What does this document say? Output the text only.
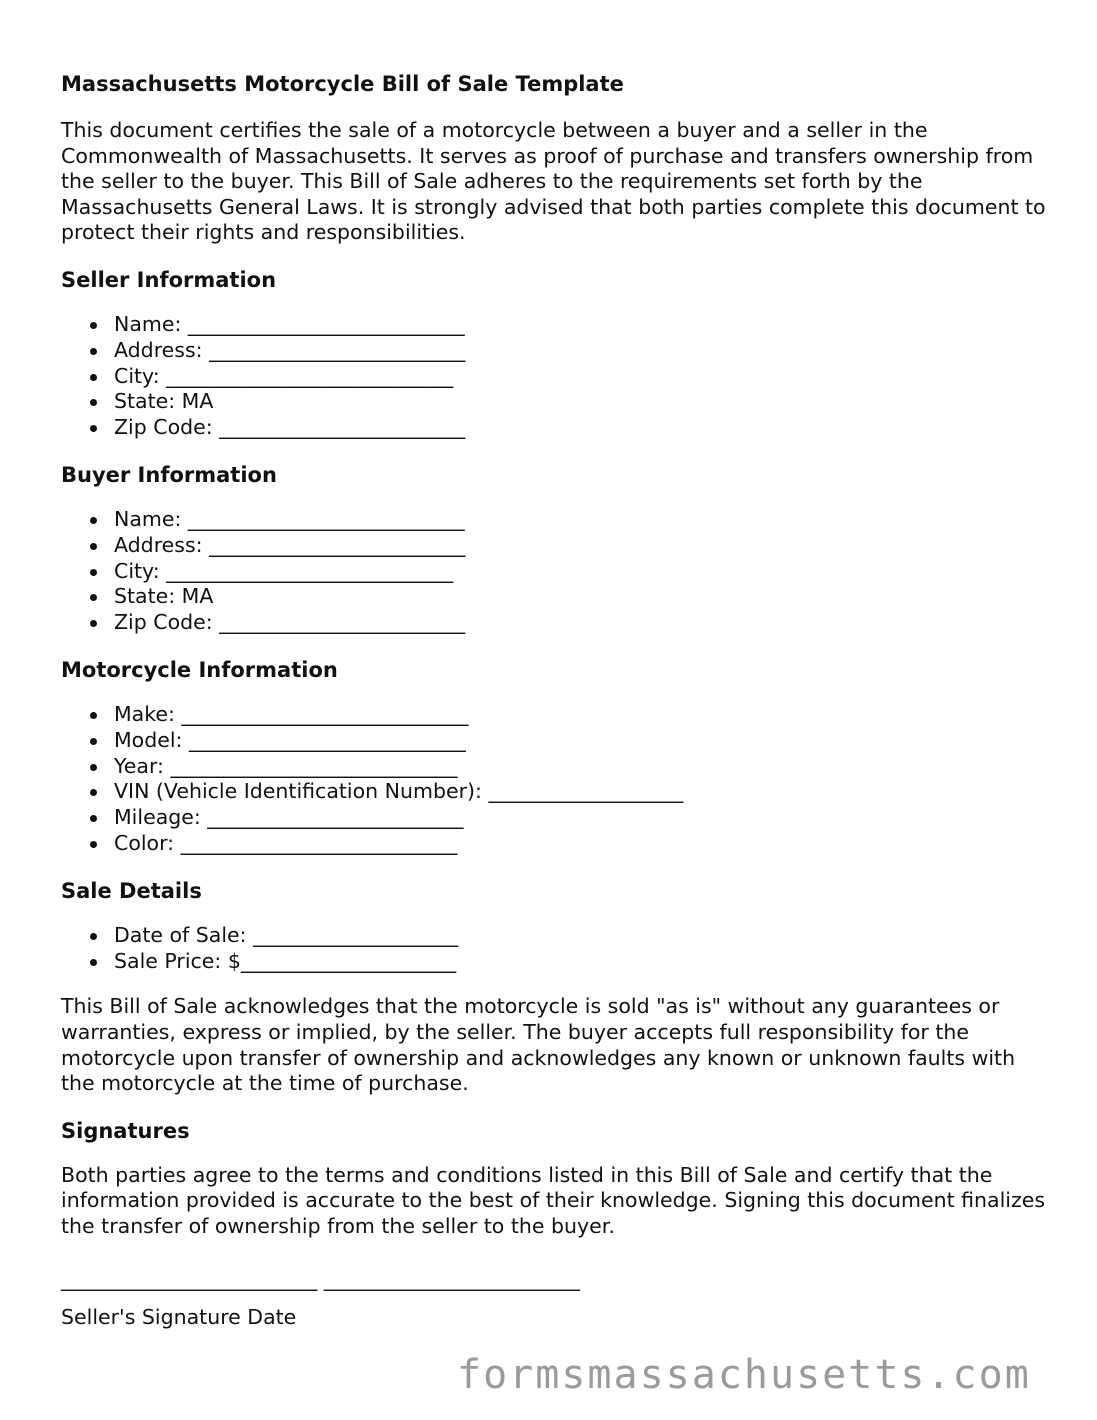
Massachusetts Motorcycle Bill of Sale Template

This document certifies the sale of a motorcycle between a buyer and a seller in the Commonwealth of Massachusetts. It serves as proof of purchase and transfers ownership from the seller to the buyer. This Bill of Sale adheres to the requirements set forth by the Massachusetts General Laws. It is strongly advised that both parties complete this document to protect their rights and responsibilities.

Seller Information
Name: ___________________________
Address: _________________________
City: ____________________________
State: MA
Zip Code: ________________________
Buyer Information
Name: ___________________________
Address: _________________________
City: ____________________________
State: MA
Zip Code: ________________________
Motorcycle Information
Make: ____________________________
Model: ___________________________
Year: ____________________________
VIN (Vehicle Identification Number): ___________________
Mileage: _________________________
Color: ___________________________
Sale Details
Date of Sale: ____________________
Sale Price: $_____________________

This Bill of Sale acknowledges that the motorcycle is sold "as is" without any guarantees or warranties, express or implied, by the seller. The buyer accepts full responsibility for the motorcycle upon transfer of ownership and acknowledges any known or unknown faults with the motorcycle at the time of purchase.

Signatures

Both parties agree to the terms and conditions listed in this Bill of Sale and certify that the information provided is accurate to the best of their knowledge. Signing this document finalizes the transfer of ownership from the seller to the buyer.

_________________________ _________________________

Seller's Signature Date

formsmassachusetts.com
